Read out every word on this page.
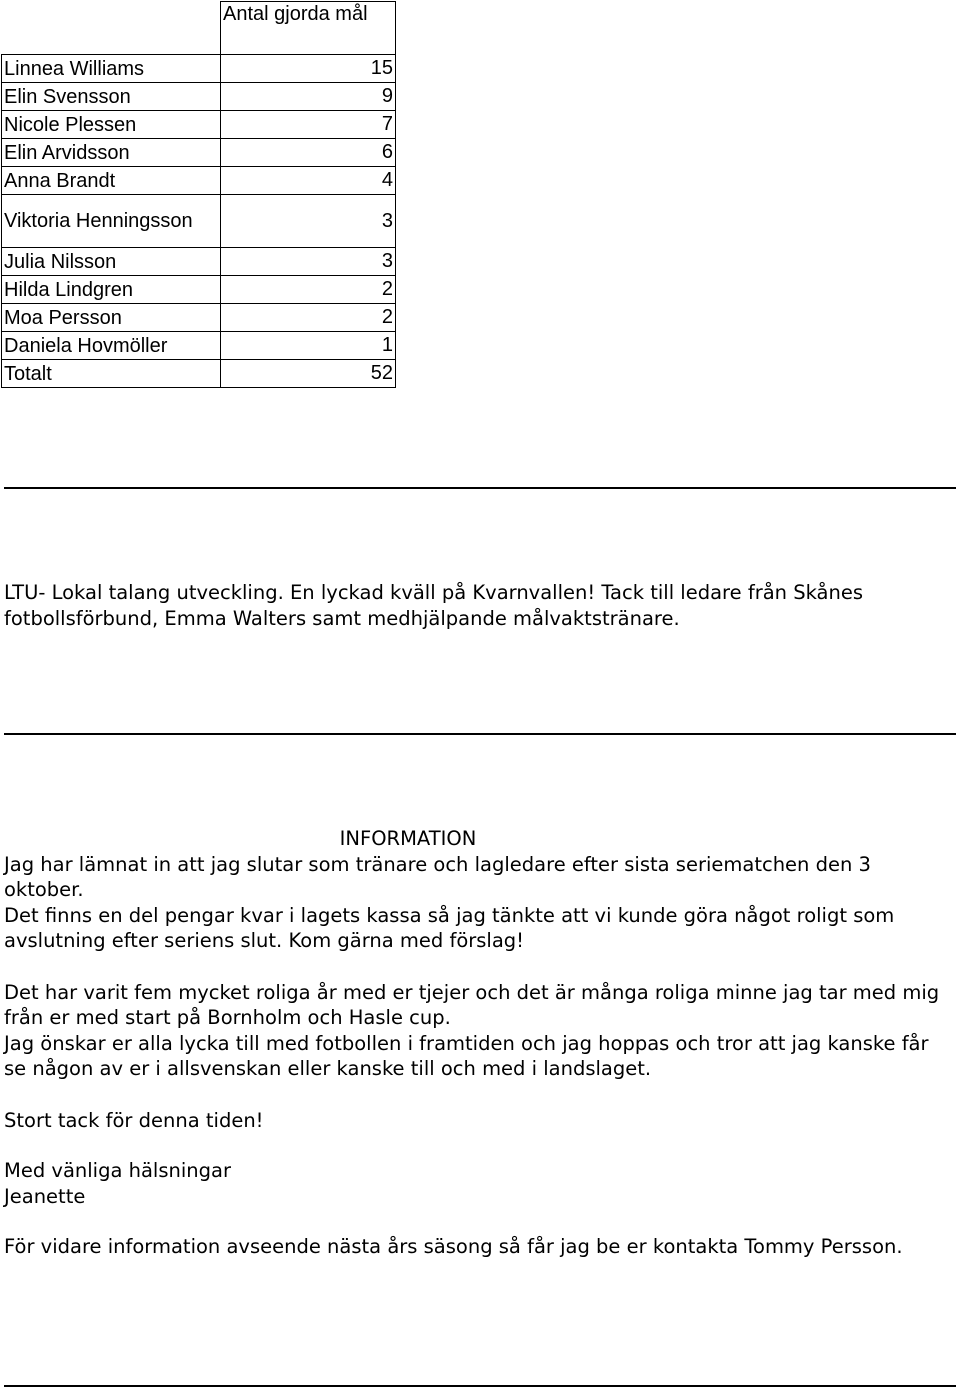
	Antal gjorda mål
Linnea Williams	15
Elin Svensson	9
Nicole Plessen	7
Elin Arvidsson	6
Anna Brandt	4
Viktoria Henningsson	3
Julia Nilsson	3
Hilda Lindgren	2
Moa Persson	2
Daniela Hovmöller	1
Totalt	52

LTU- Lokal talang utveckling. En lyckad kväll på Kvarnvallen! Tack till ledare från Skånes fotbollsförbund, Emma Walters samt medhjälpande målvaktstränare.

INFORMATION

Jag har lämnat in att jag slutar som tränare och lagledare efter sista seriematchen den 3 oktober.

Det finns en del pengar kvar i lagets kassa så jag tänkte att vi kunde göra något roligt som avslutning efter seriens slut. Kom gärna med förslag!

Det har varit fem mycket roliga år med er tjejer och det är många roliga minne jag tar med mig från er med start på Bornholm och Hasle cup.

Jag önskar er alla lycka till med fotbollen i framtiden och jag hoppas och tror att jag kanske får se någon av er i allsvenskan eller kanske till och med i landslaget.

Stort tack för denna tiden!

Med vänliga hälsningar

Jeanette

För vidare information avseende nästa års säsong så får jag be er kontakta Tommy Persson.
